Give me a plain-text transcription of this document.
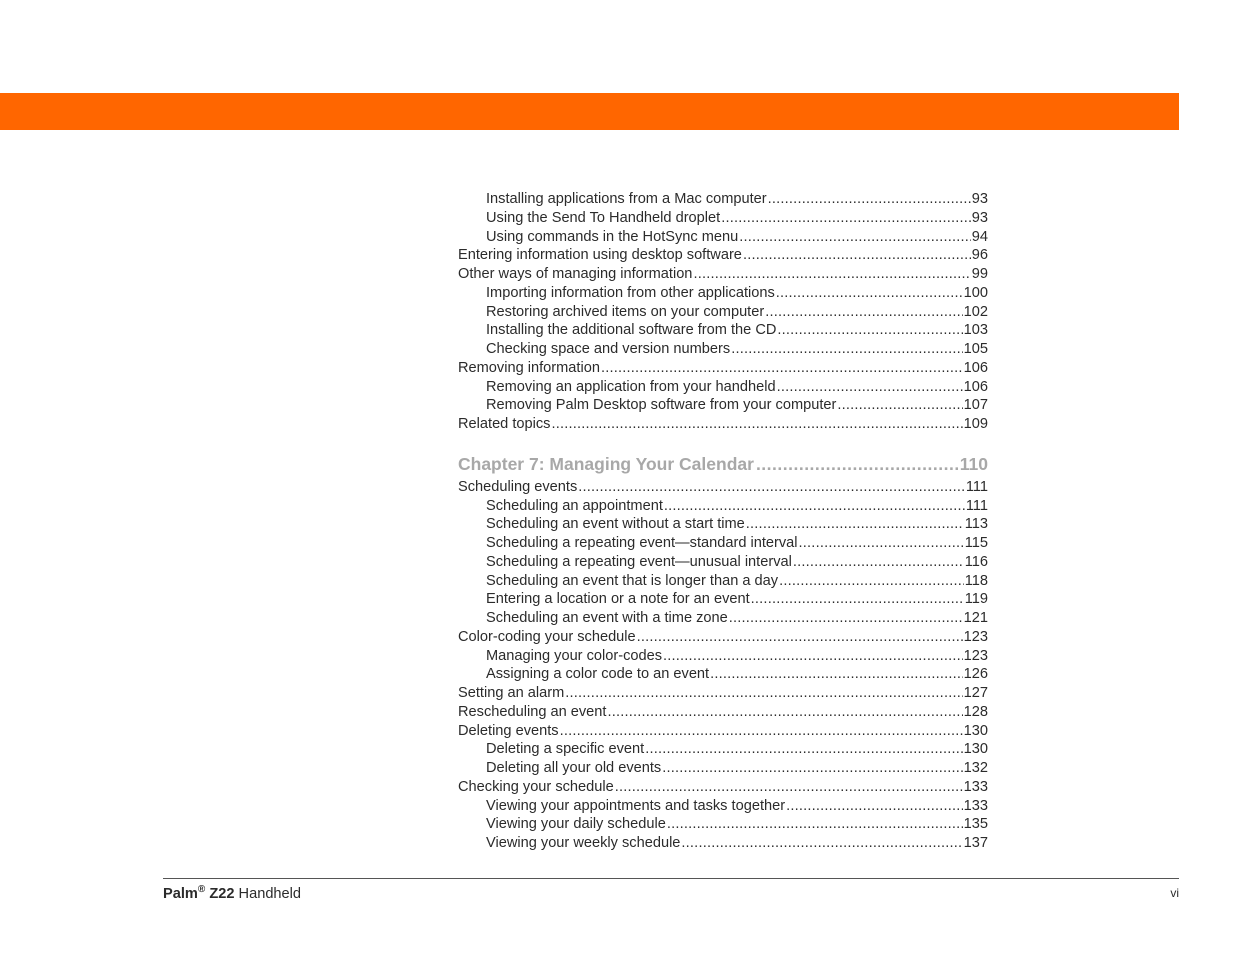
Installing applications from a Mac computer .....	93
Using the Send To Handheld droplet .....	93
Using commands in the HotSync menu .....	94
Entering information using desktop software .....	96
Other ways of managing information .....	99
Importing information from other applications .....	100
Restoring archived items on your computer .....	102
Installing the additional software from the CD .....	103
Checking space and version numbers .....	105
Removing information .....	106
Removing an application from your handheld .....	106
Removing Palm Desktop software from your computer .....	107
Related topics .....	109
Chapter 7: Managing Your Calendar .....	110
Scheduling events .....	111
Scheduling an appointment .....	111
Scheduling an event without a start time .....	113
Scheduling a repeating event—standard interval .....	115
Scheduling a repeating event—unusual interval .....	116
Scheduling an event that is longer than a day .....	118
Entering a location or a note for an event .....	119
Scheduling an event with a time zone .....	121
Color-coding your schedule .....	123
Managing your color-codes .....	123
Assigning a color code to an event .....	126
Setting an alarm .....	127
Rescheduling an event .....	128
Deleting events .....	130
Deleting a specific event .....	130
Deleting all your old events .....	132
Checking your schedule .....	133
Viewing your appointments and tasks together .....	133
Viewing your daily schedule .....	135
Viewing your weekly schedule .....	137
Palm® Z22 Handheld	vi
